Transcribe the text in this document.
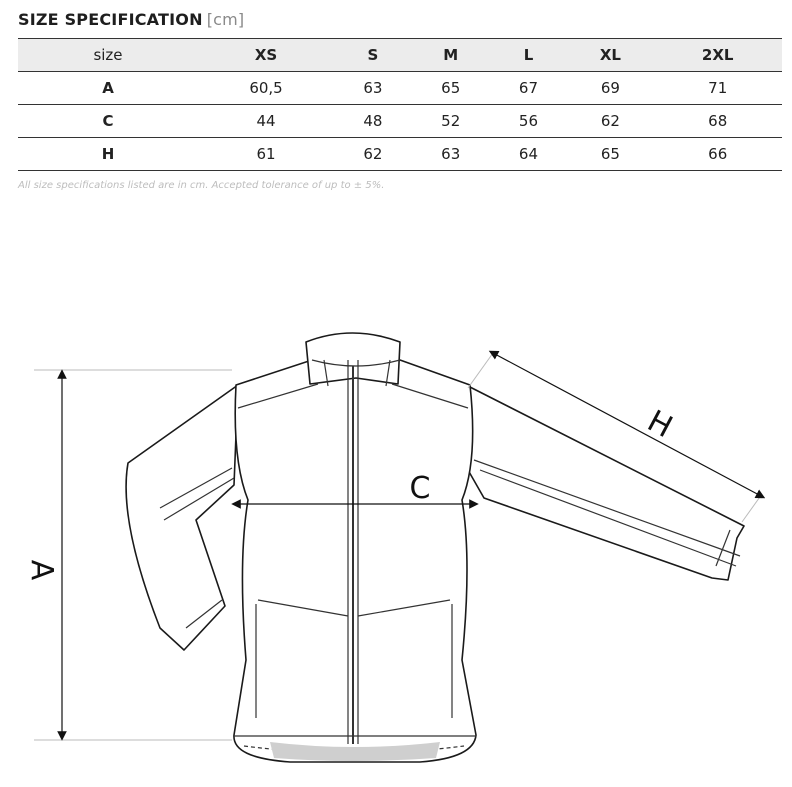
SIZE SPECIFICATION [cm]
size	XS	S	M	L	XL	2XL
A	60,5	63	65	67	69	71
C	44	48	52	56	62	68
H	61	62	63	64	65	66
All size specifications listed are in cm. Accepted tolerance of up to ± 5%.
A
C
H
